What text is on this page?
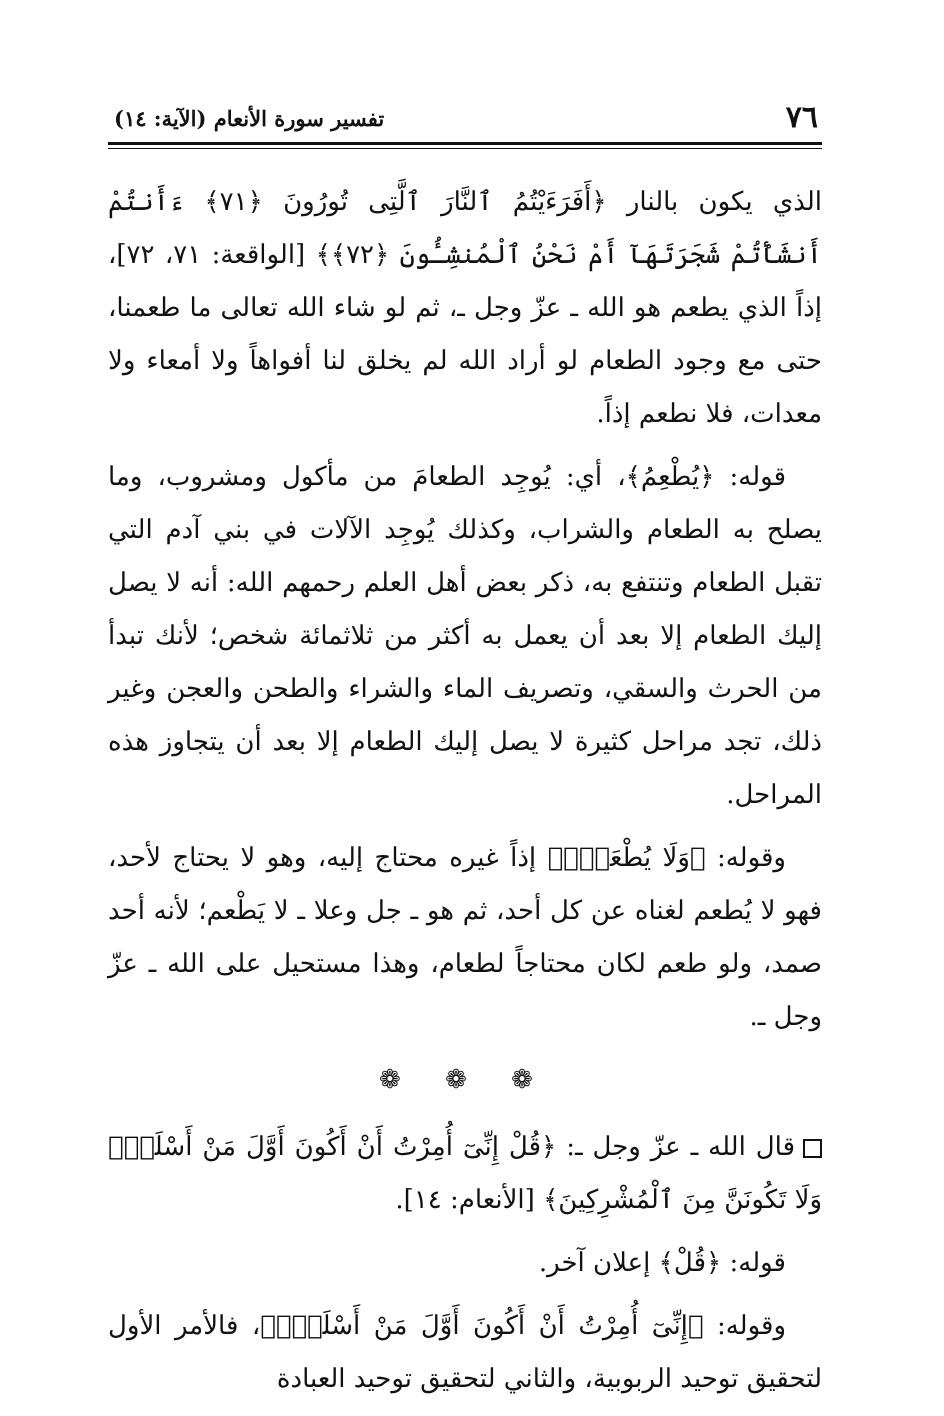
٧٦
تفسير سورة الأنعام (الآية: ١٤)

الذي يكون بالنار ﴿أَفَرَءَيْتُمُ ٱلنَّارَ ٱلَّتِى تُورُونَ ﴿٧١﴾ ءَأَنتُمْ أَنشَأْتُمْ شَجَرَتَهَآ أَمْ نَحْنُ ٱلْمُنشِـُٔونَ ﴿٧٢﴾﴾ [الواقعة: ٧١، ٧٢]، إذاً الذي يطعم هو الله ـ عزّ وجل ـ، ثم لو شاء الله تعالى ما طعمنا، حتى مع وجود الطعام لو أراد الله لم يخلق لنا أفواهاً ولا أمعاء ولا معدات، فلا نطعم إذاً.

قوله: ﴿يُطْعِمُ﴾، أي: يُوجِد الطعامَ من مأكول ومشروب، وما يصلح به الطعام والشراب، وكذلك يُوجِد الآلات في بني آدم التي تقبل الطعام وتنتفع به، ذكر بعض أهل العلم رحمهم الله: أنه لا يصل إليك الطعام إلا بعد أن يعمل به أكثر من ثلاثمائة شخص؛ لأنك تبدأ من الحرث والسقي، وتصريف الماء والشراء والطحن والعجن وغير ذلك، تجد مراحل كثيرة لا يصل إليك الطعام إلا بعد أن يتجاوز هذه المراحل.

وقوله: ﴿وَلَا يُطْعَمُۗ﴾ إذاً غيره محتاج إليه، وهو لا يحتاج لأحد، فهو لا يُطعم لغناه عن كل أحد، ثم هو ـ جل وعلا ـ لا يَطْعم؛ لأنه أحد صمد، ولو طعم لكان محتاجاً لطعام، وهذا مستحيل على الله ـ عزّ وجل ـ.

❁ ❁ ❁

قال الله ـ عزّ وجل ـ: ﴿قُلْ إِنِّىٓ أُمِرْتُ أَنْ أَكُونَ أَوَّلَ مَنْ أَسْلَمَۖ وَلَا تَكُونَنَّ مِنَ ٱلْمُشْرِكِينَ﴾ [الأنعام: ١٤].

قوله: ﴿قُلْ﴾ إعلان آخر.

وقوله: ﴿إِنِّىٓ أُمِرْتُ أَنْ أَكُونَ أَوَّلَ مَنْ أَسْلَمَۖ﴾، فالأمر الأول لتحقيق توحيد الربوبية، والثاني لتحقيق توحيد العبادة
